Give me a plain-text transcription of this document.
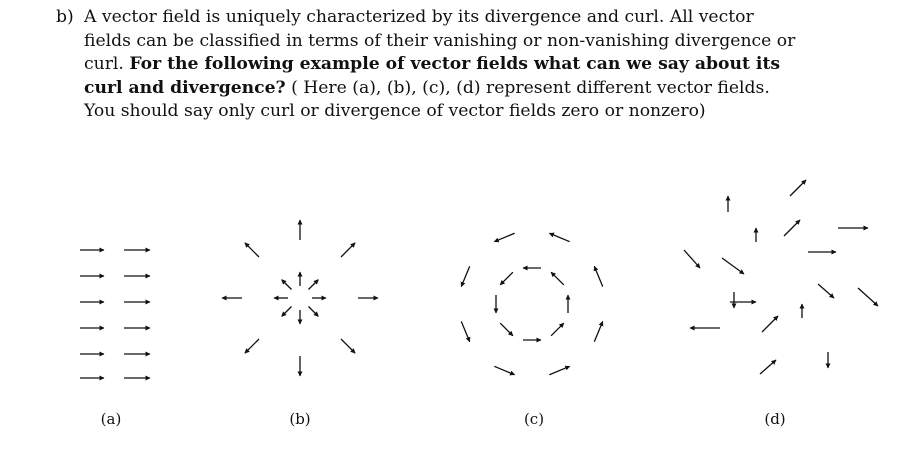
b) A vector field is uniquely characterized by its divergence and curl. All vector fields can be classified in terms of their vanishing or non-vanishing divergence or curl. For the following example of vector fields what can we say about its curl and divergence? ( Here (a), (b), (c), (d) represent different vector fields. You should say only curl or divergence of vector fields zero or nonzero)

(a)	(b)	(c)	(d)
